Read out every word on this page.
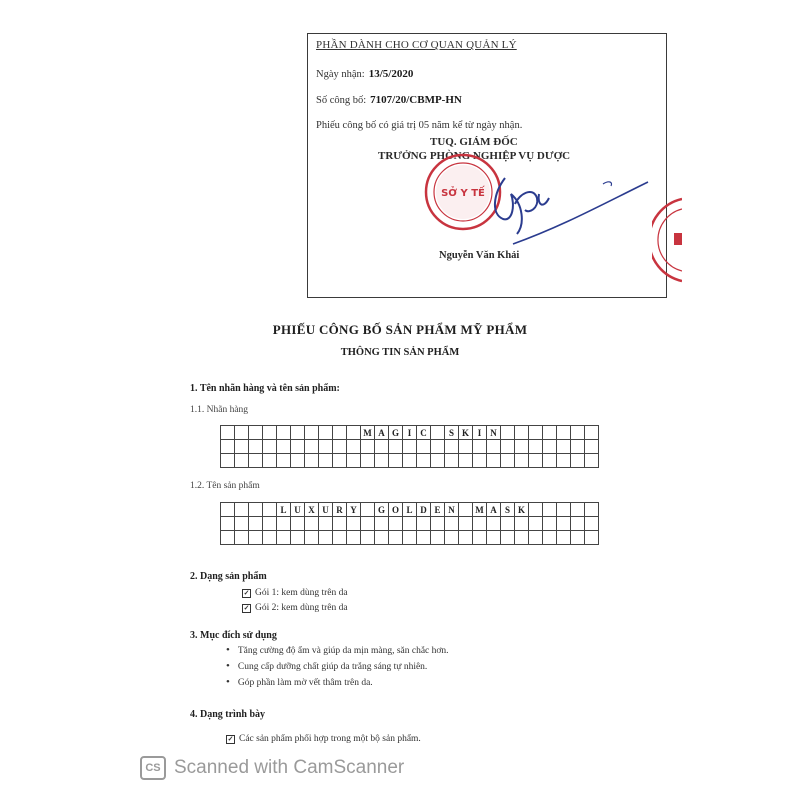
PHẦN DÀNH CHO CƠ QUAN QUẢN LÝ
Ngày nhận: 13/5/2020
Số công bố: 7107/20/CBMP-HN
Phiếu công bố có giá trị 05 năm kể từ ngày nhận.
TUQ. GIÁM ĐỐC
TRƯỞNG PHÒNG NGHIỆP VỤ DƯỢC
SỞ Y TẾ
Nguyễn Văn Khải
PHIẾU CÔNG BỐ SẢN PHẨM MỸ PHẨM
THÔNG TIN SẢN PHẨM
1. Tên nhãn hàng và tên sản phẩm:
1.1. Nhãn hàng
M A G I	C	S K I	N
1.2. Tên sản phẩm
L U X U R Y	G O L D E N	M A S K
2. Dạng sản phẩm
✓ Gói 1: kem dùng trên da
✓ Gói 2: kem dùng trên da
3. Mục đích sử dụng
• Tăng cường độ ẩm và giúp da mịn màng, săn chắc hơn.
• Cung cấp dưỡng chất giúp da trắng sáng tự nhiên.
• Góp phần làm mờ vết thâm trên da.
4. Dạng trình bày
✓ Các sản phẩm phối hợp trong một bộ sản phẩm.
CS Scanned with CamScanner
